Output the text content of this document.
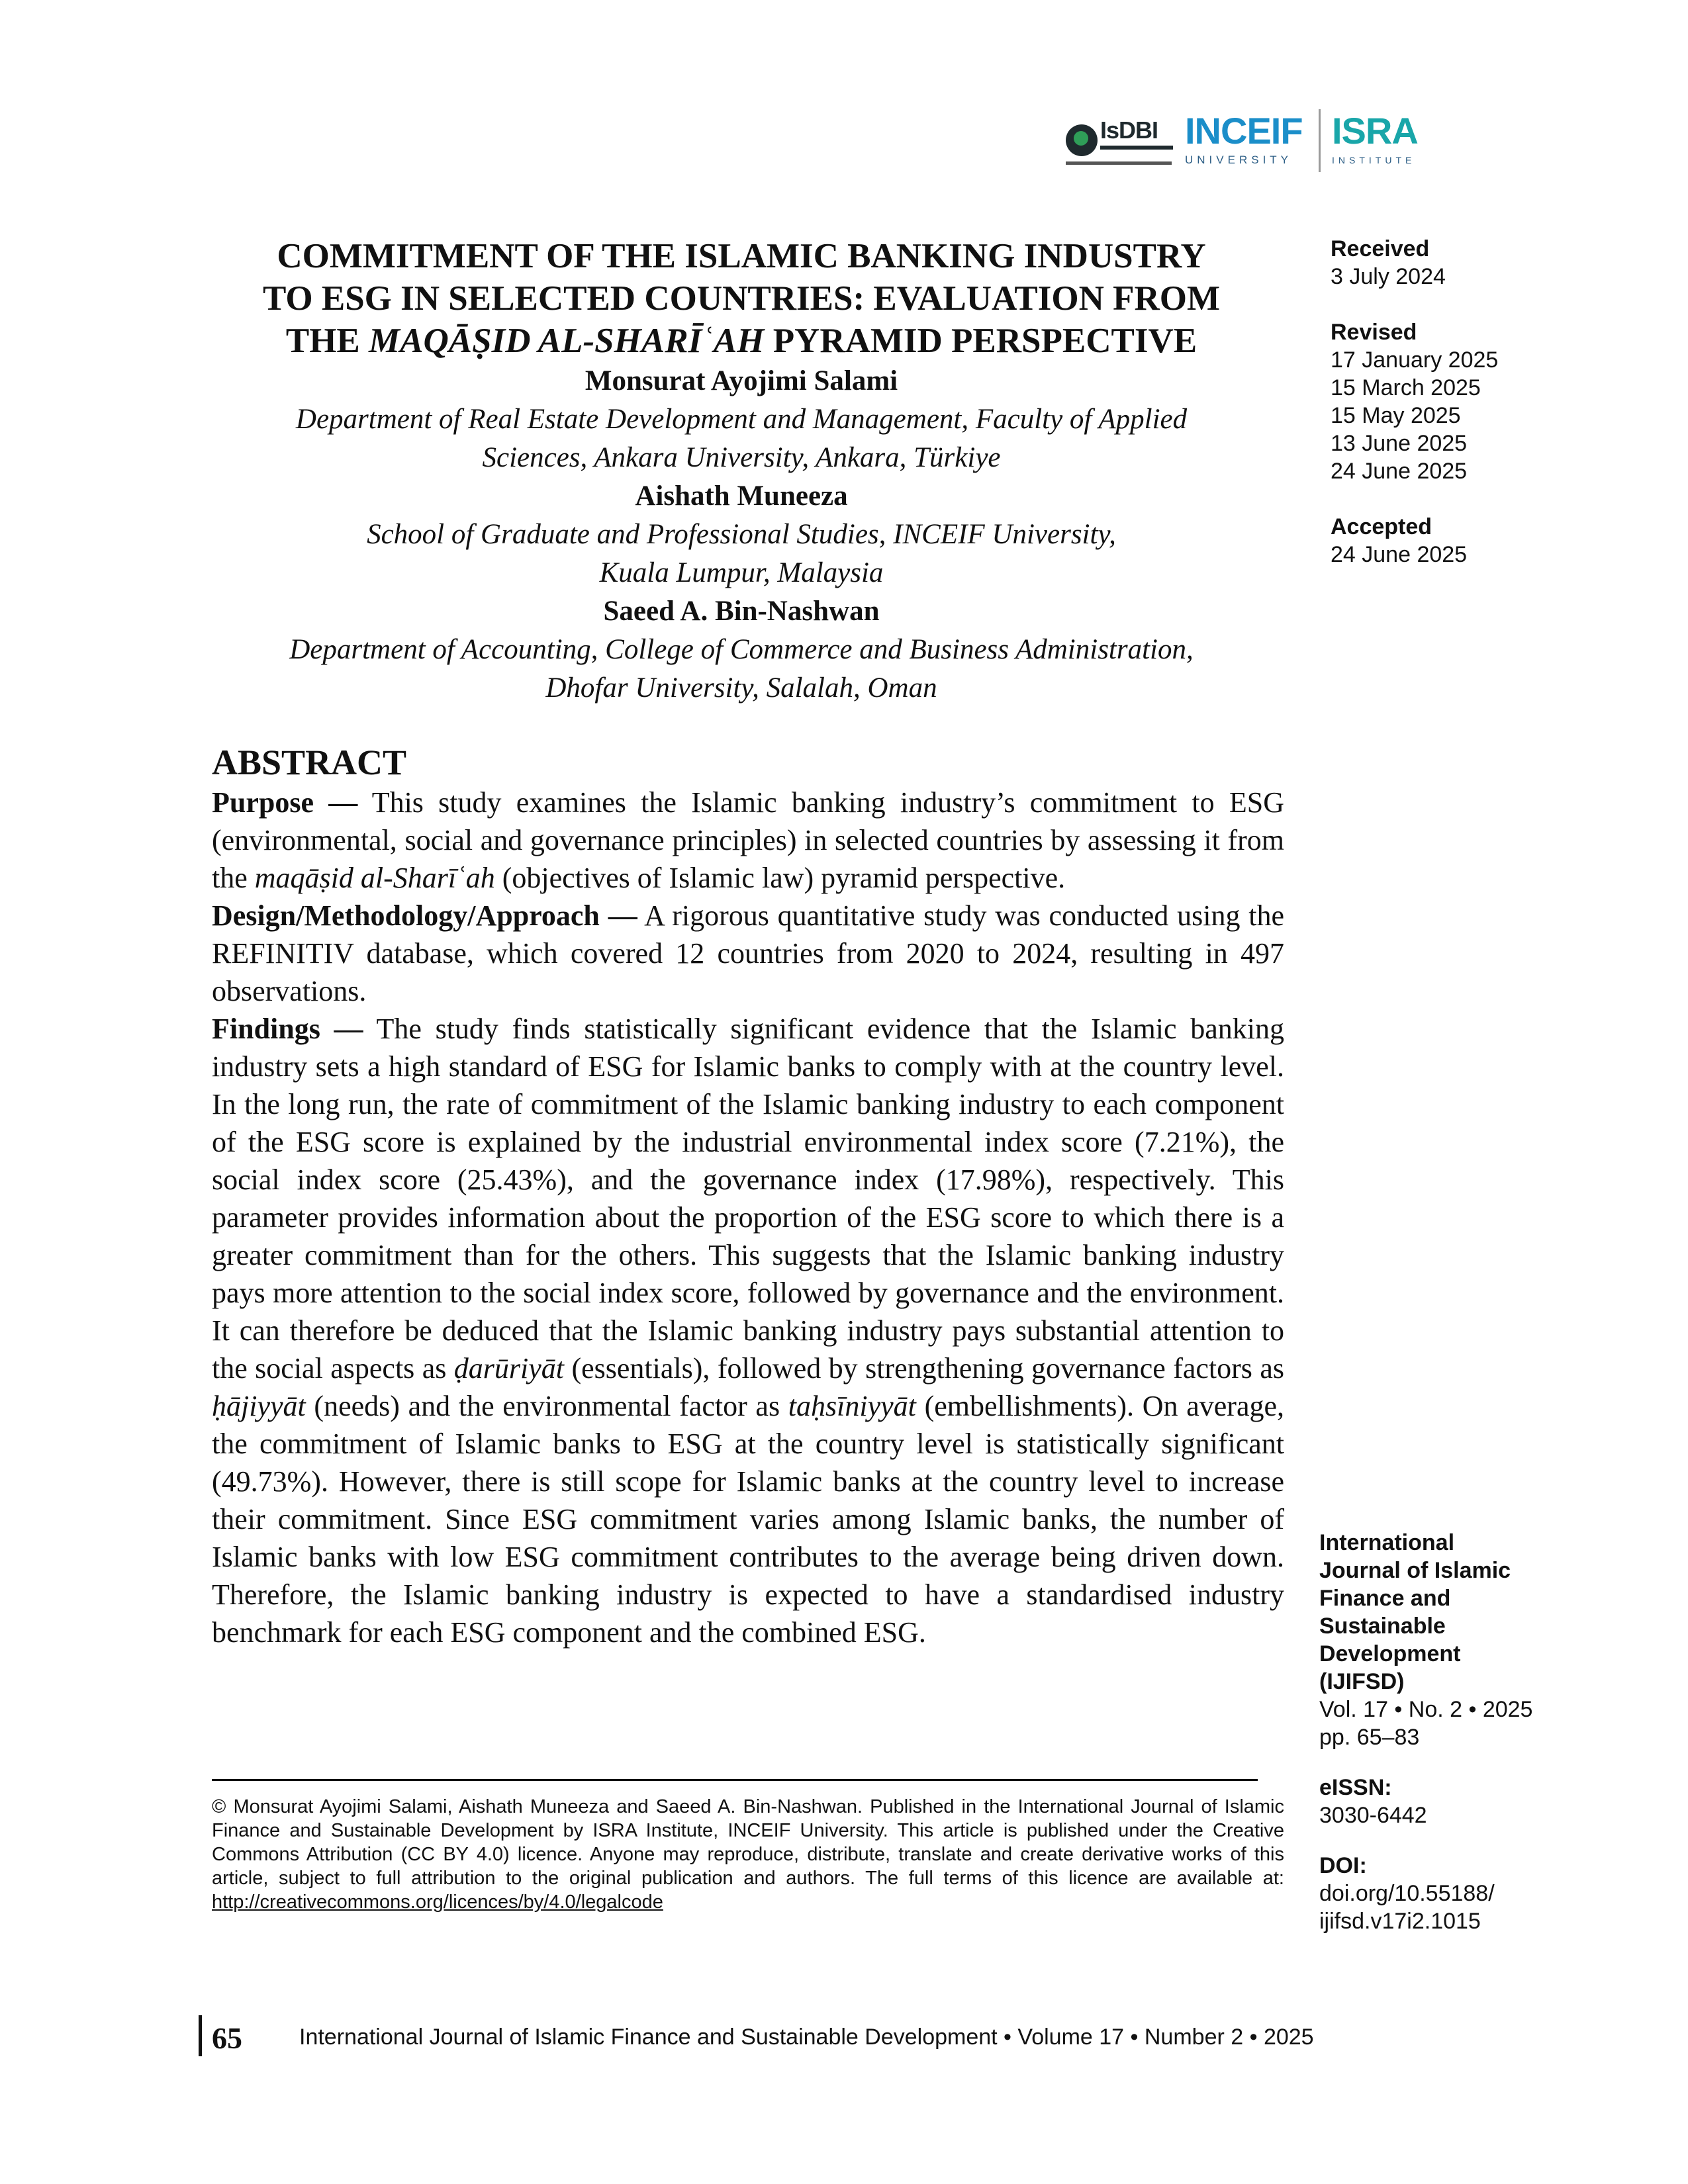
IsDBI INCEIF
UNIVERSITY
ISRA
INSTITUTE
COMMITMENT OF THE ISLAMIC BANKING INDUSTRY
TO ESG IN SELECTED COUNTRIES: EVALUATION FROM
THE MAQĀṢID AL-SHARĪʿAH PYRAMID PERSPECTIVE
Monsurat Ayojimi Salami
Department of Real Estate Development and Management, Faculty of Applied
Sciences, Ankara University, Ankara, Türkiye
Aishath Muneeza
School of Graduate and Professional Studies, INCEIF University,
Kuala Lumpur, Malaysia
Saeed A. Bin-Nashwan
Department of Accounting, College of Commerce and Business Administration,
Dhofar University, Salalah, Oman
Received
3 July 2024
Revised
17 January 2025
15 March 2025
15 May 2025
13 June 2025
24 June 2025
Accepted
24 June 2025
ABSTRACT

Purpose — This study examines the Islamic banking industry’s commitment to ESG (environmental, social and governance principles) in selected countries by assessing it from the maqāṣid al-Sharīʿah (objectives of Islamic law) pyramid perspective.

Design/Methodology/Approach — A rigorous quantitative study was conducted using the REFINITIV database, which covered 12 countries from 2020 to 2024, resulting in 497 observations.

Findings — The study finds statistically significant evidence that the Islamic banking industry sets a high standard of ESG for Islamic banks to comply with at the country level. In the long run, the rate of commitment of the Islamic banking industry to each component of the ESG score is explained by the industrial environmental index score (7.21%), the social index score (25.43%), and the governance index (17.98%), respectively. This parameter provides information about the proportion of the ESG score to which there is a greater commitment than for the others. This suggests that the Islamic banking industry pays more attention to the social index score, followed by governance and the environment. It can therefore be deduced that the Islamic banking industry pays substantial attention to the social aspects as ḍarūriyāt (essentials), followed by strengthening governance factors as ḥājiyyāt (needs) and the environmental factor as taḥsīniyyāt (embellishments). On average, the commitment of Islamic banks to ESG at the country level is statistically significant (49.73%). However, there is still scope for Islamic banks at the country level to increase their commitment. Since ESG commitment varies among Islamic banks, the number of Islamic banks with low ESG commitment contributes to the average being driven down. Therefore, the Islamic banking industry is expected to have a standardised industry benchmark for each ESG component and the combined ESG.

International
Journal of Islamic
Finance and
Sustainable
Development
(IJIFSD)
Vol. 17 • No. 2 • 2025
pp. 65–83
eISSN:
3030-6442
DOI:
doi.org/10.55188/
ijifsd.v17i2.1015
© Monsurat Ayojimi Salami, Aishath Muneeza and Saeed A. Bin-Nashwan. Published in the International Journal of Islamic Finance and Sustainable Development by ISRA Institute, INCEIF University. This article is published under the Creative Commons Attribution (CC BY 4.0) licence. Anyone may reproduce, distribute, translate and create derivative works of this article, subject to full attribution to the original publication and authors. The full terms of this licence are available at: http://creativecommons.org/licences/by/4.0/legalcode
65	International Journal of Islamic Finance and Sustainable Development • Volume 17 • Number 2 • 2025
